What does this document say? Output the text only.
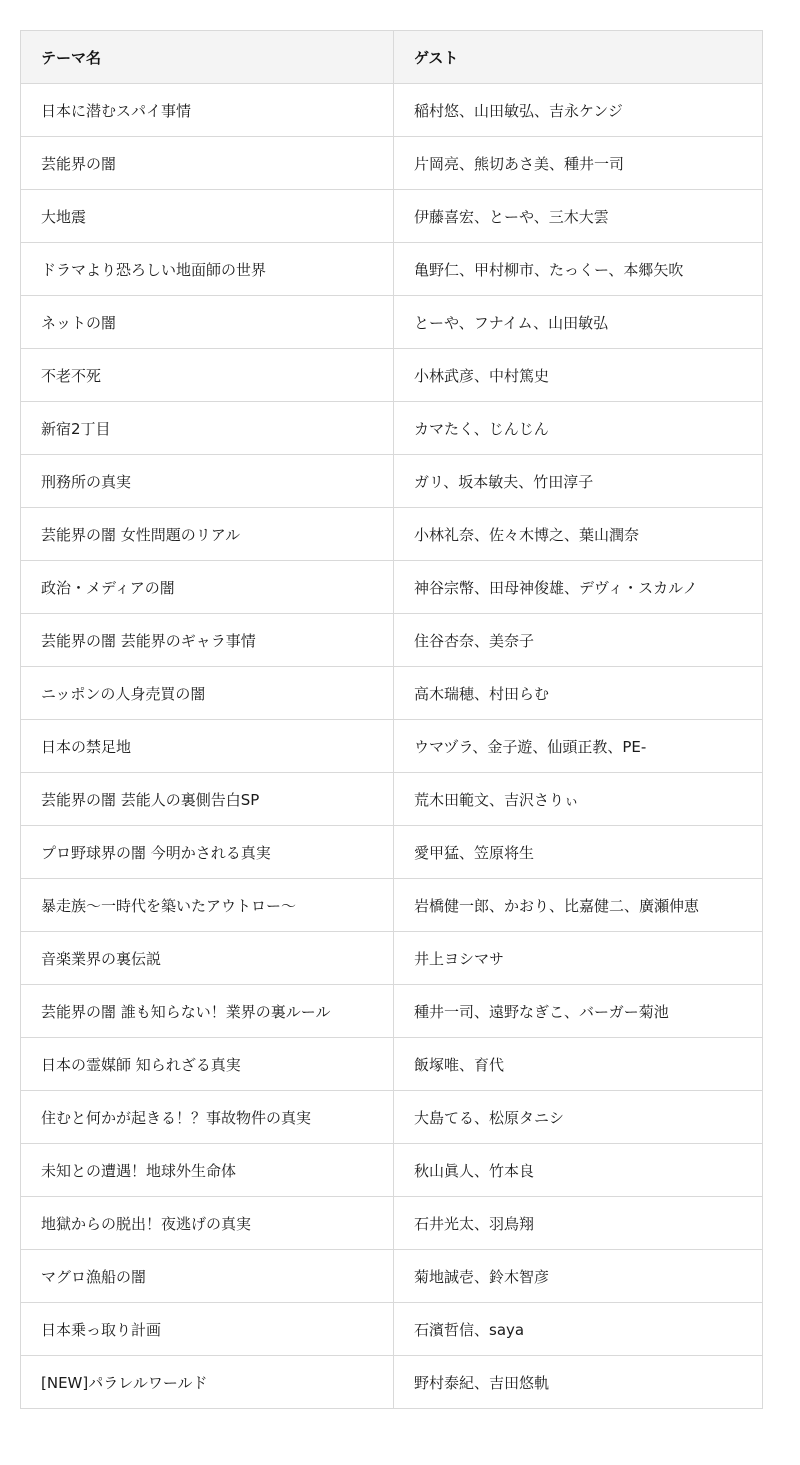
テーマ名	ゲスト
日本に潜むスパイ事情	稲村悠、山田敏弘、吉永ケンジ
芸能界の闇	片岡亮、熊切あさ美、種井一司
大地震	伊藤喜宏、とーや、三木大雲
ドラマより恐ろしい地面師の世界	亀野仁、甲村柳市、たっくー、本郷矢吹
ネットの闇	とーや、フナイム、山田敏弘
不老不死	小林武彦、中村篤史
新宿2丁目	カマたく、じんじん
刑務所の真実	ガリ、坂本敏夫、竹田淳子
芸能界の闇 女性問題のリアル	小林礼奈、佐々木博之、葉山潤奈
政治・メディアの闇	神谷宗幣、田母神俊雄、デヴィ・スカルノ
芸能界の闇 芸能界のギャラ事情	住谷杏奈、美奈子
ニッポンの人身売買の闇	高木瑞穂、村田らむ
日本の禁足地	ウマヅラ、金子遊、仙頭正教、PE-
芸能界の闇 芸能人の裏側告白SP	荒木田範文、吉沢さりぃ
プロ野球界の闇 今明かされる真実	愛甲猛、笠原将生
暴走族〜一時代を築いたアウトロー〜	岩橋健一郎、かおり、比嘉健二、廣瀬伸恵
音楽業界の裏伝説	井上ヨシマサ
芸能界の闇 誰も知らない！業界の裏ルール	種井一司、遠野なぎこ、バーガー菊池
日本の霊媒師 知られざる真実	飯塚唯、育代
住むと何かが起きる！？事故物件の真実	大島てる、松原タニシ
未知との遭遇！地球外生命体	秋山眞人、竹本良
地獄からの脱出！夜逃げの真実	石井光太、羽鳥翔
マグロ漁船の闇	菊地誠壱、鈴木智彦
日本乗っ取り計画	石濱哲信、saya
[NEW]パラレルワールド	野村泰紀、吉田悠軌
